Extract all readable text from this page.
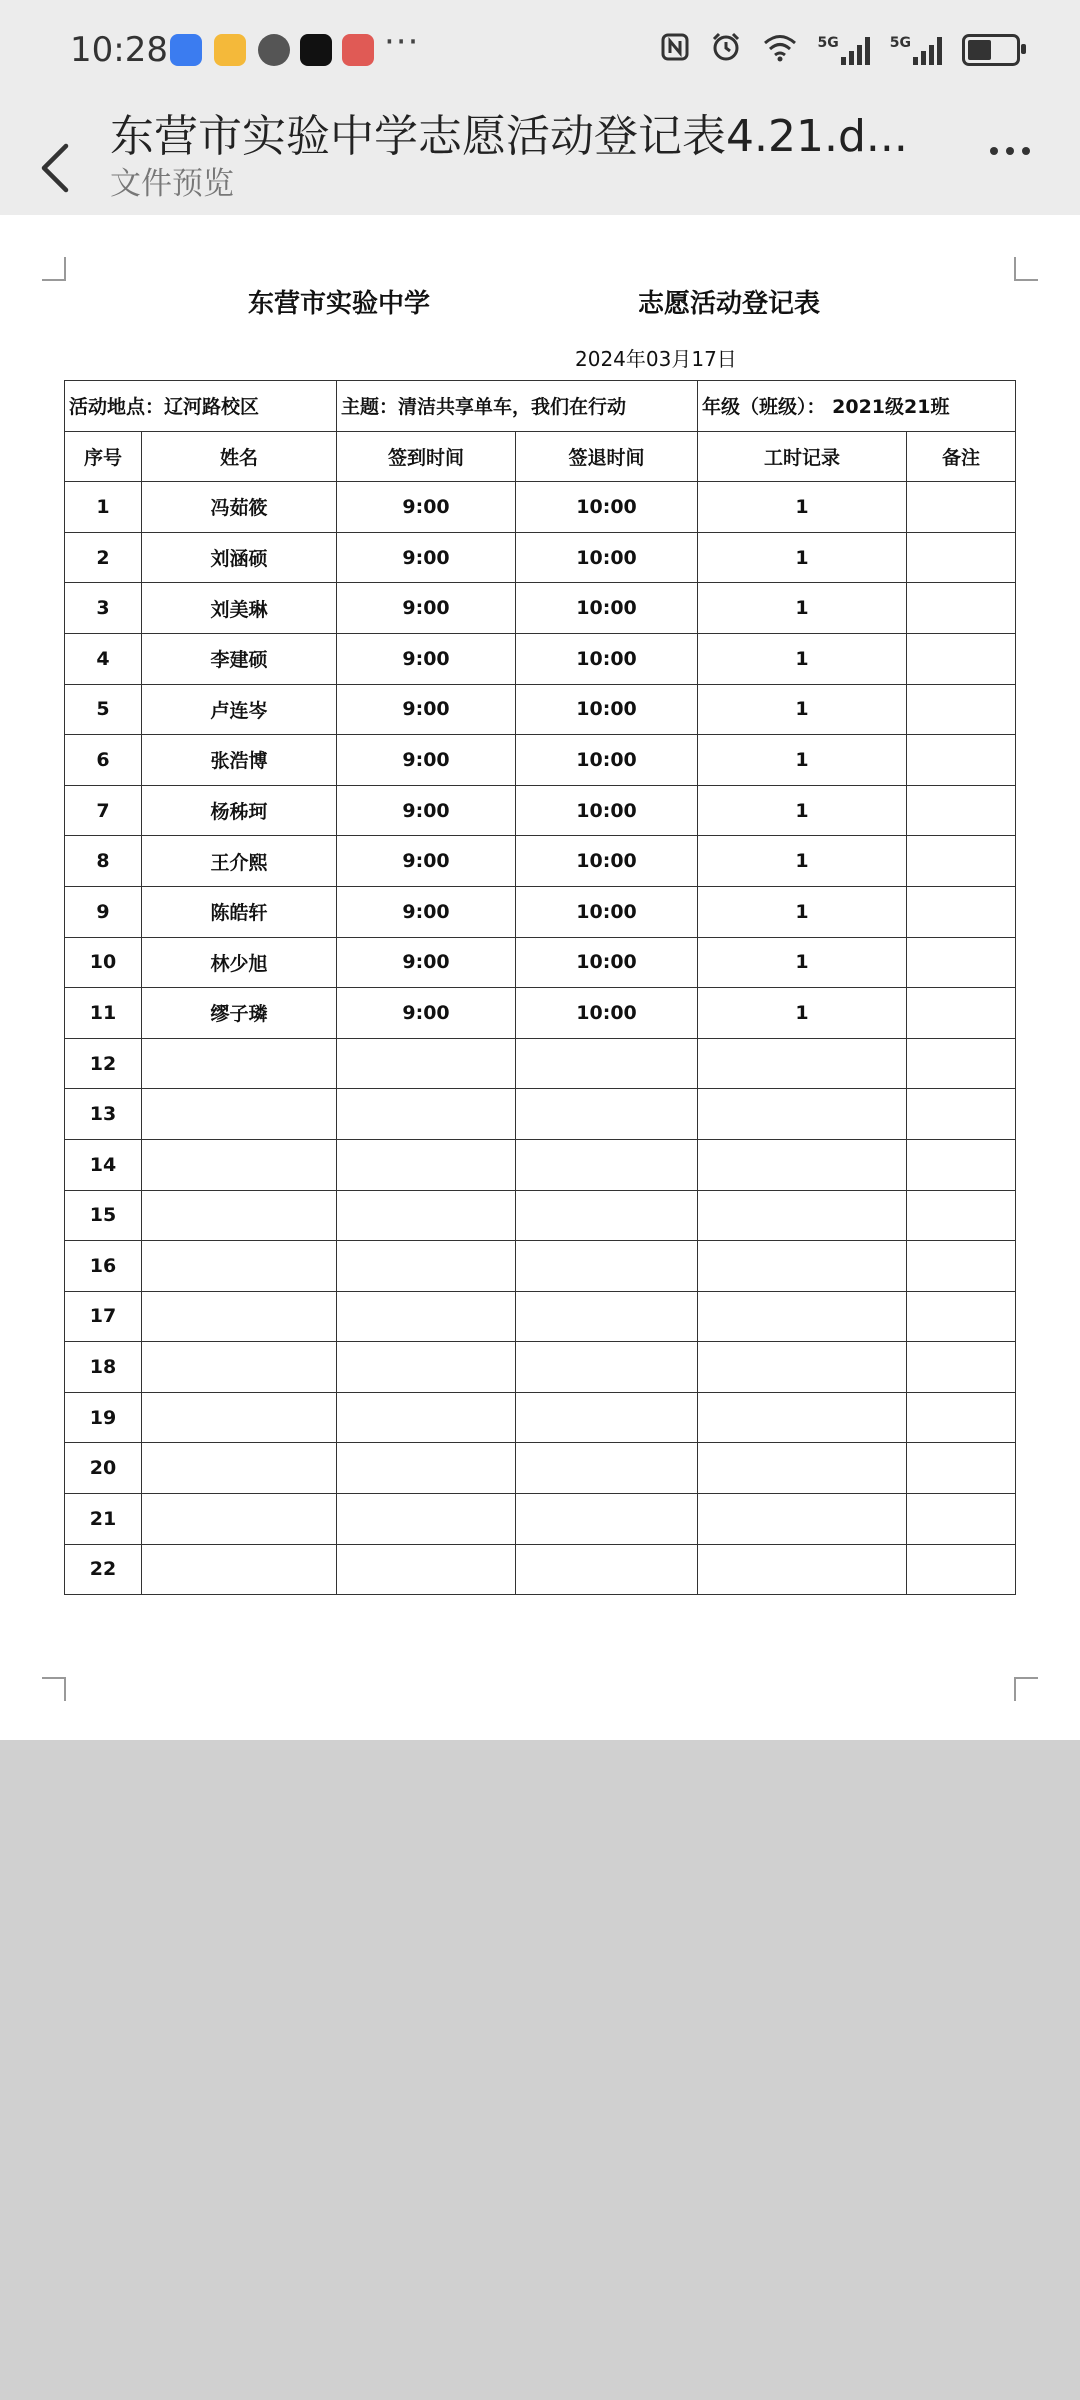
10:28	···	5G	5G
东营市实验中学志愿活动登记表4.21.d...
文件预览
东营市实验中学	志愿活动登记表
2024年03月17日
活动地点：辽河路校区		主题：清洁共享单车，我们在行动		年级（班级）： 2021级21班	
序号	姓名	签到时间	签退时间	工时记录	备注
1	冯茹筱	9:00	10:00	1	
2	刘涵硕	9:00	10:00	1	
3	刘美琳	9:00	10:00	1	
4	李建硕	9:00	10:00	1	
5	卢连岑	9:00	10:00	1	
6	张浩博	9:00	10:00	1	
7	杨秭珂	9:00	10:00	1	
8	王介熙	9:00	10:00	1	
9	陈皓轩	9:00	10:00	1	
10	林少旭	9:00	10:00	1	
11	缪子璘	9:00	10:00	1	
12					
13					
14					
15					
16					
17					
18					
19					
20					
21					
22					
